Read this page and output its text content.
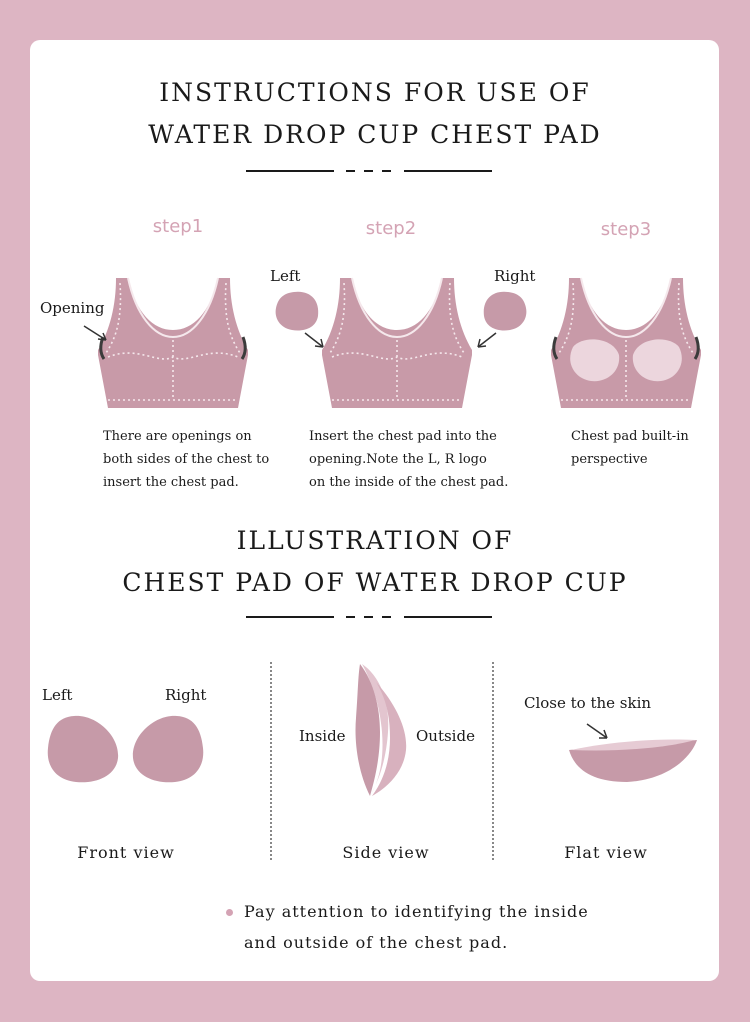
INSTRUCTIONS FOR USE OF
WATER DROP CUP CHEST PAD
step1	step2	step3
Opening
There are openings on
both sides of the chest to
insert the chest pad.
Left	Right
Insert the chest pad into the
opening.Note the L, R logo
on the inside of the chest pad.
Chest pad built-in
perspective
ILLUSTRATION OF
CHEST PAD OF WATER DROP CUP
Left	Right
Front view
Inside	Outside
Side view
Close to the skin
Flat view
Pay attention to identifying the inside
and outside of the chest pad.
